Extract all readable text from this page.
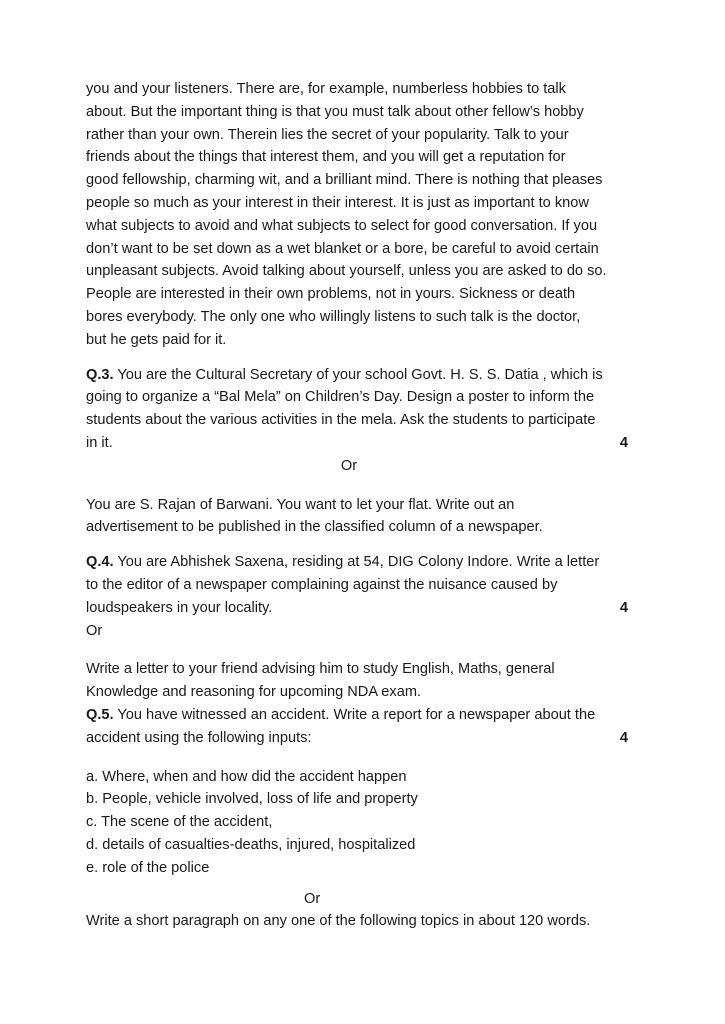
you and your listeners. There are, for example, numberless hobbies to talk

about. But the important thing is that you must talk about other fellow’s hobby

rather than your own. Therein lies the secret of your popularity. Talk to your

friends about the things that interest them, and you will get a reputation for

good fellowship, charming wit, and a brilliant mind. There is nothing that pleases

people so much as your interest in their interest. It is just as important to know

what subjects to avoid and what subjects to select for good conversation. If you

don’t want to be set down as a wet blanket or a bore, be careful to avoid certain

unpleasant subjects. Avoid talking about yourself, unless you are asked to do so.

People are interested in their own problems, not in yours. Sickness or death

bores everybody. The only one who willingly listens to such talk is the doctor,

but he gets paid for it.

Q.3. You are the Cultural Secretary of your school Govt. H. S. S. Datia , which is

going to organize a “Bal Mela” on Children’s Day. Design a poster to inform the

students about the various activities in the mela. Ask the students to participate

in it.	4

Or

You are S. Rajan of Barwani. You want to let your flat. Write out an

advertisement to be published in the classified column of a newspaper.

Q.4. You are Abhishek Saxena, residing at 54, DIG Colony Indore. Write a letter

to the editor of a newspaper complaining against the nuisance caused by

loudspeakers in your locality.	4

Or

Write a letter to your friend advising him to study English, Maths, general

Knowledge and reasoning for upcoming NDA exam.

Q.5. You have witnessed an accident. Write a report for a newspaper about the

accident using the following inputs:	4

a. Where, when and how did the accident happen

b. People, vehicle involved, loss of life and property

c. The scene of the accident,

d. details of casualties-deaths, injured, hospitalized

e. role of the police

Or

Write a short paragraph on any one of the following topics in about 120 words.
